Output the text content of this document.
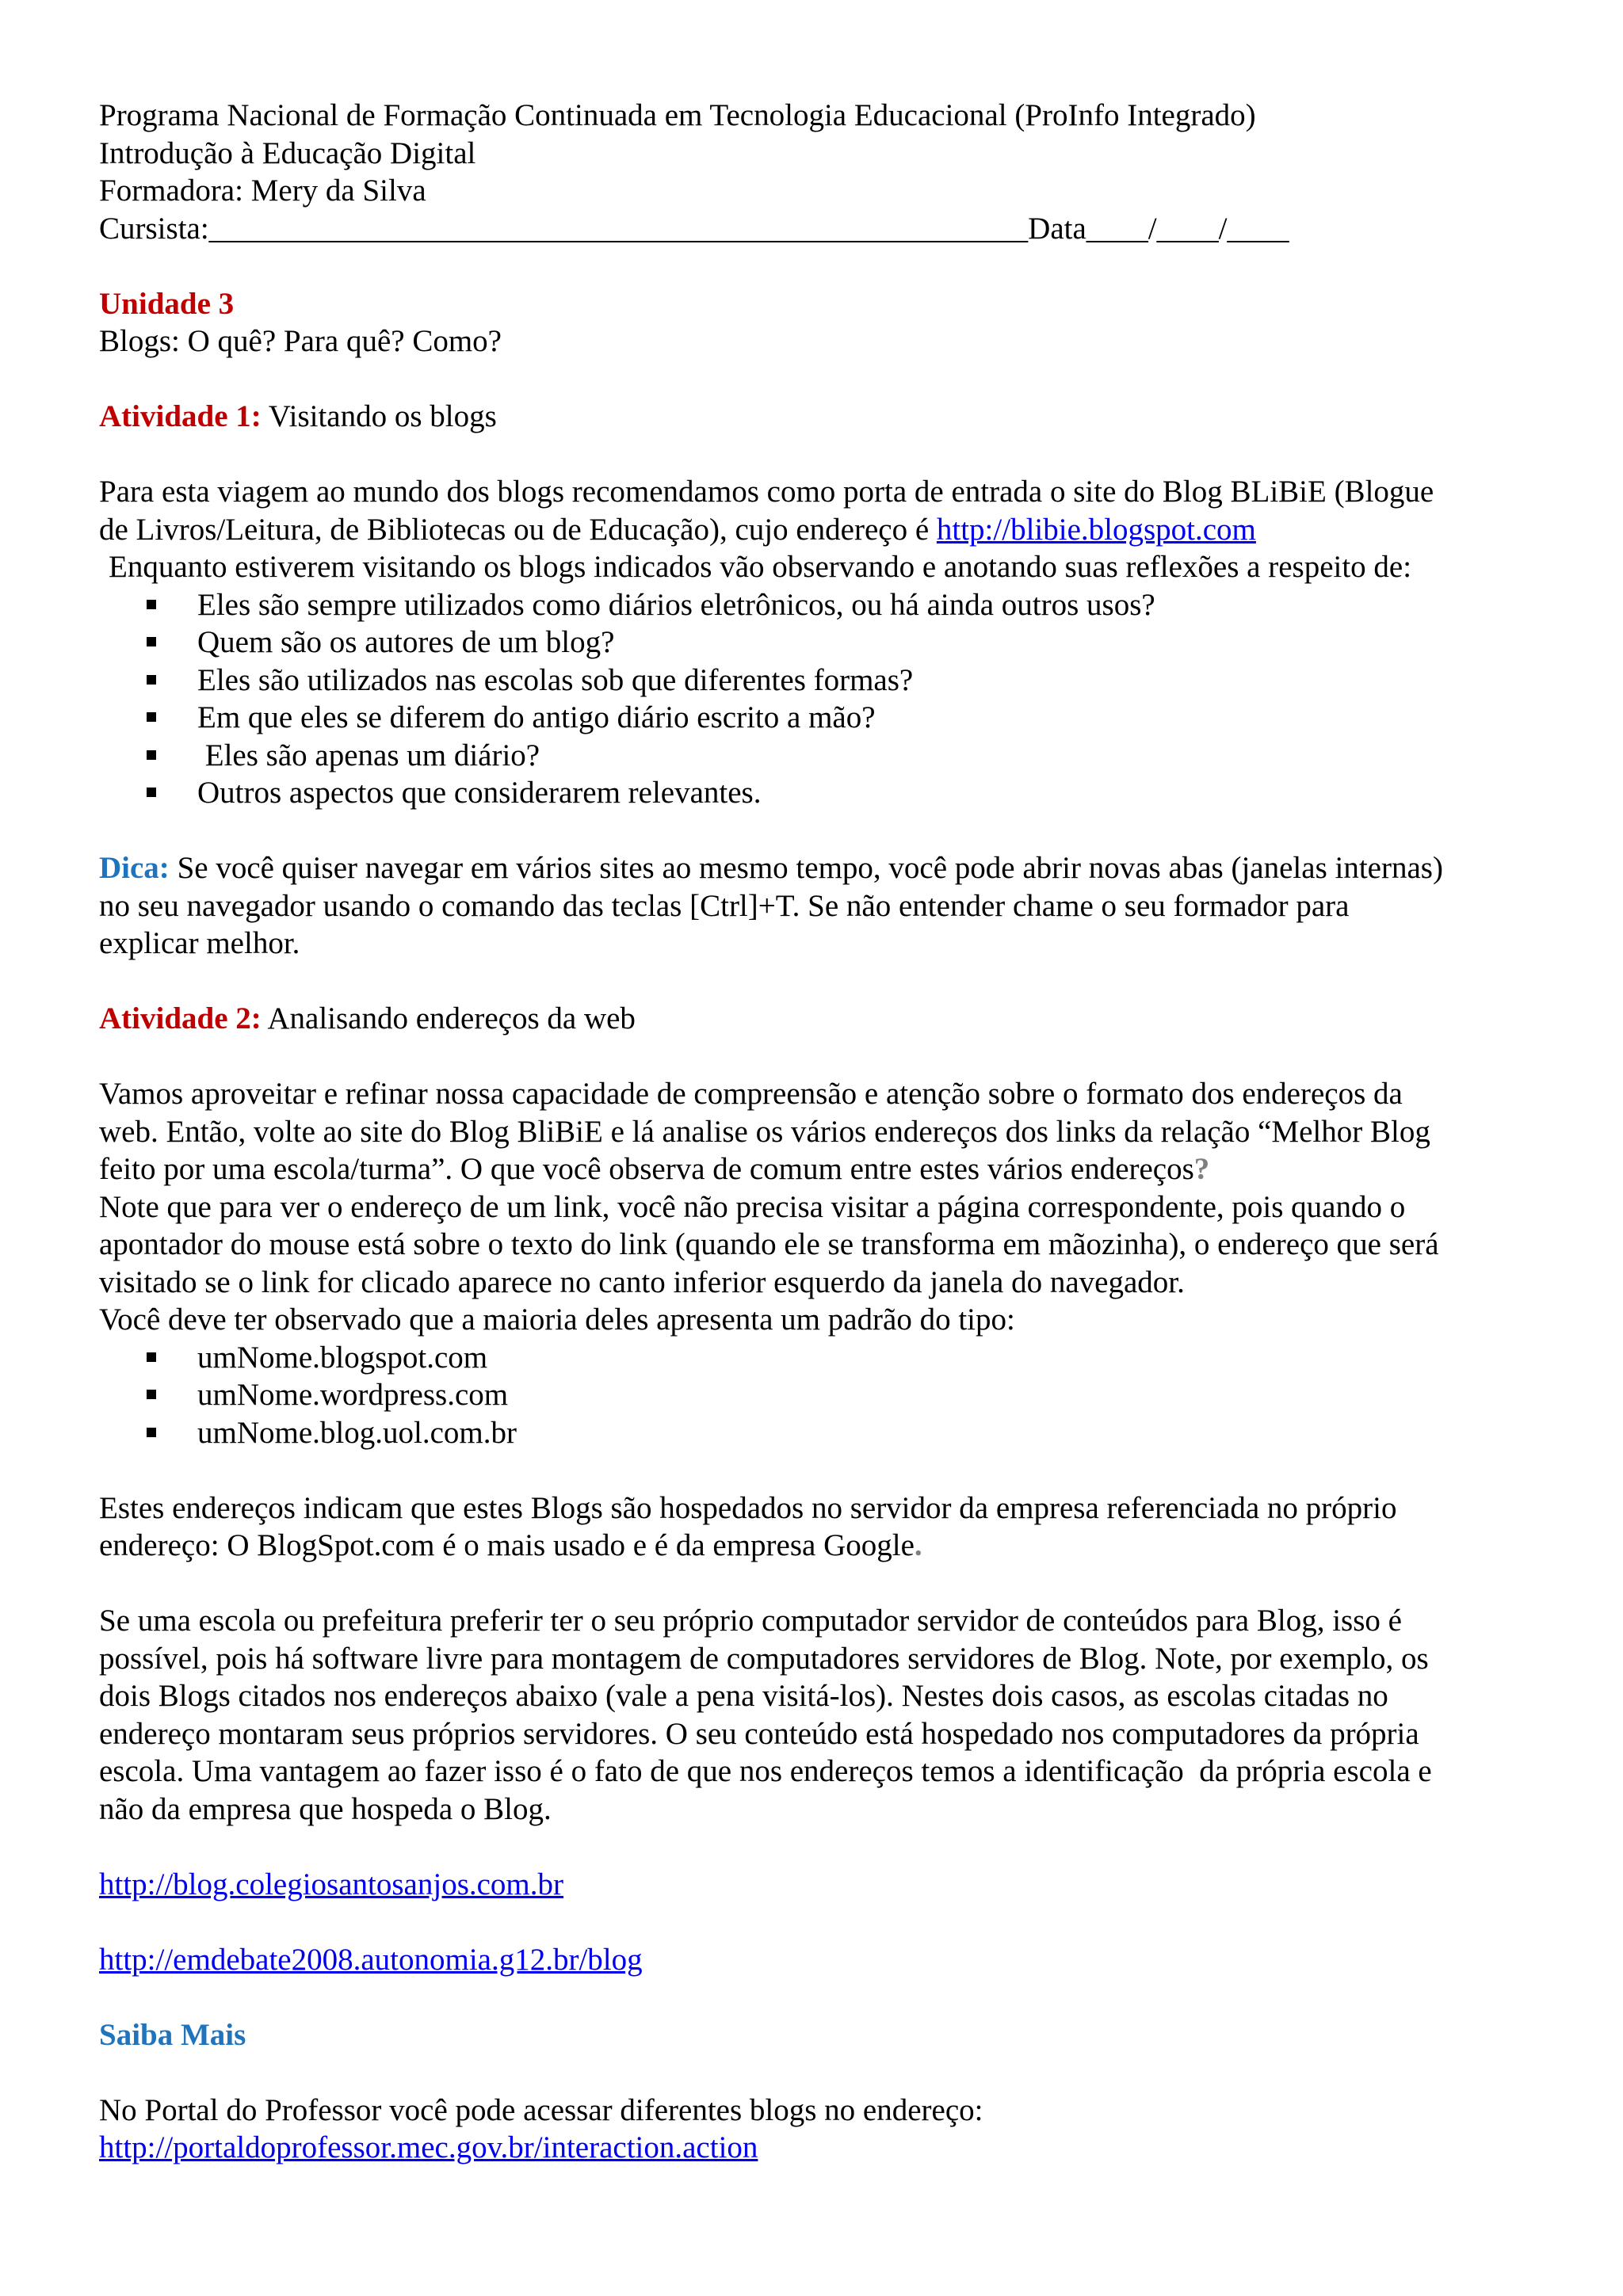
Programa Nacional de Formação Continuada em Tecnologia Educacional (ProInfo Integrado)
Introdução à Educação Digital
Formadora: Mery da Silva
Cursista:_____________________________________________________Data____/____/____
Unidade 3
Blogs: O quê? Para quê? Como?
Atividade 1: Visitando os blogs
Para esta viagem ao mundo dos blogs recomendamos como porta de entrada o site do Blog BLiBiE (Blogue
de Livros/Leitura, de Bibliotecas ou de Educação), cujo endereço é http://blibie.blogspot.com
Enquanto estiverem visitando os blogs indicados vão observando e anotando suas reflexões a respeito de:
Eles são sempre utilizados como diários eletrônicos, ou há ainda outros usos?
Quem são os autores de um blog?
Eles são utilizados nas escolas sob que diferentes formas?
Em que eles se diferem do antigo diário escrito a mão?
Eles são apenas um diário?
Outros aspectos que considerarem relevantes.
Dica: Se você quiser navegar em vários sites ao mesmo tempo, você pode abrir novas abas (janelas internas)
no seu navegador usando o comando das teclas [Ctrl]+T. Se não entender chame o seu formador para
explicar melhor.
Atividade 2: Analisando endereços da web
Vamos aproveitar e refinar nossa capacidade de compreensão e atenção sobre o formato dos endereços da
web. Então, volte ao site do Blog BliBiE e lá analise os vários endereços dos links da relação “Melhor Blog
feito por uma escola/turma”. O que você observa de comum entre estes vários endereços?
Note que para ver o endereço de um link, você não precisa visitar a página correspondente, pois quando o
apontador do mouse está sobre o texto do link (quando ele se transforma em mãozinha), o endereço que será
visitado se o link for clicado aparece no canto inferior esquerdo da janela do navegador.
Você deve ter observado que a maioria deles apresenta um padrão do tipo:
umNome.blogspot.com
umNome.wordpress.com
umNome.blog.uol.com.br
Estes endereços indicam que estes Blogs são hospedados no servidor da empresa referenciada no próprio
endereço: O BlogSpot.com é o mais usado e é da empresa Google.
Se uma escola ou prefeitura preferir ter o seu próprio computador servidor de conteúdos para Blog, isso é
possível, pois há software livre para montagem de computadores servidores de Blog. Note, por exemplo, os
dois Blogs citados nos endereços abaixo (vale a pena visitá-los). Nestes dois casos, as escolas citadas no
endereço montaram seus próprios servidores. O seu conteúdo está hospedado nos computadores da própria
escola. Uma vantagem ao fazer isso é o fato de que nos endereços temos a identificação  da própria escola e
não da empresa que hospeda o Blog.
http://blog.colegiosantosanjos.com.br
http://emdebate2008.autonomia.g12.br/blog
Saiba Mais
No Portal do Professor você pode acessar diferentes blogs no endereço:
http://portaldoprofessor.mec.gov.br/interaction.action
